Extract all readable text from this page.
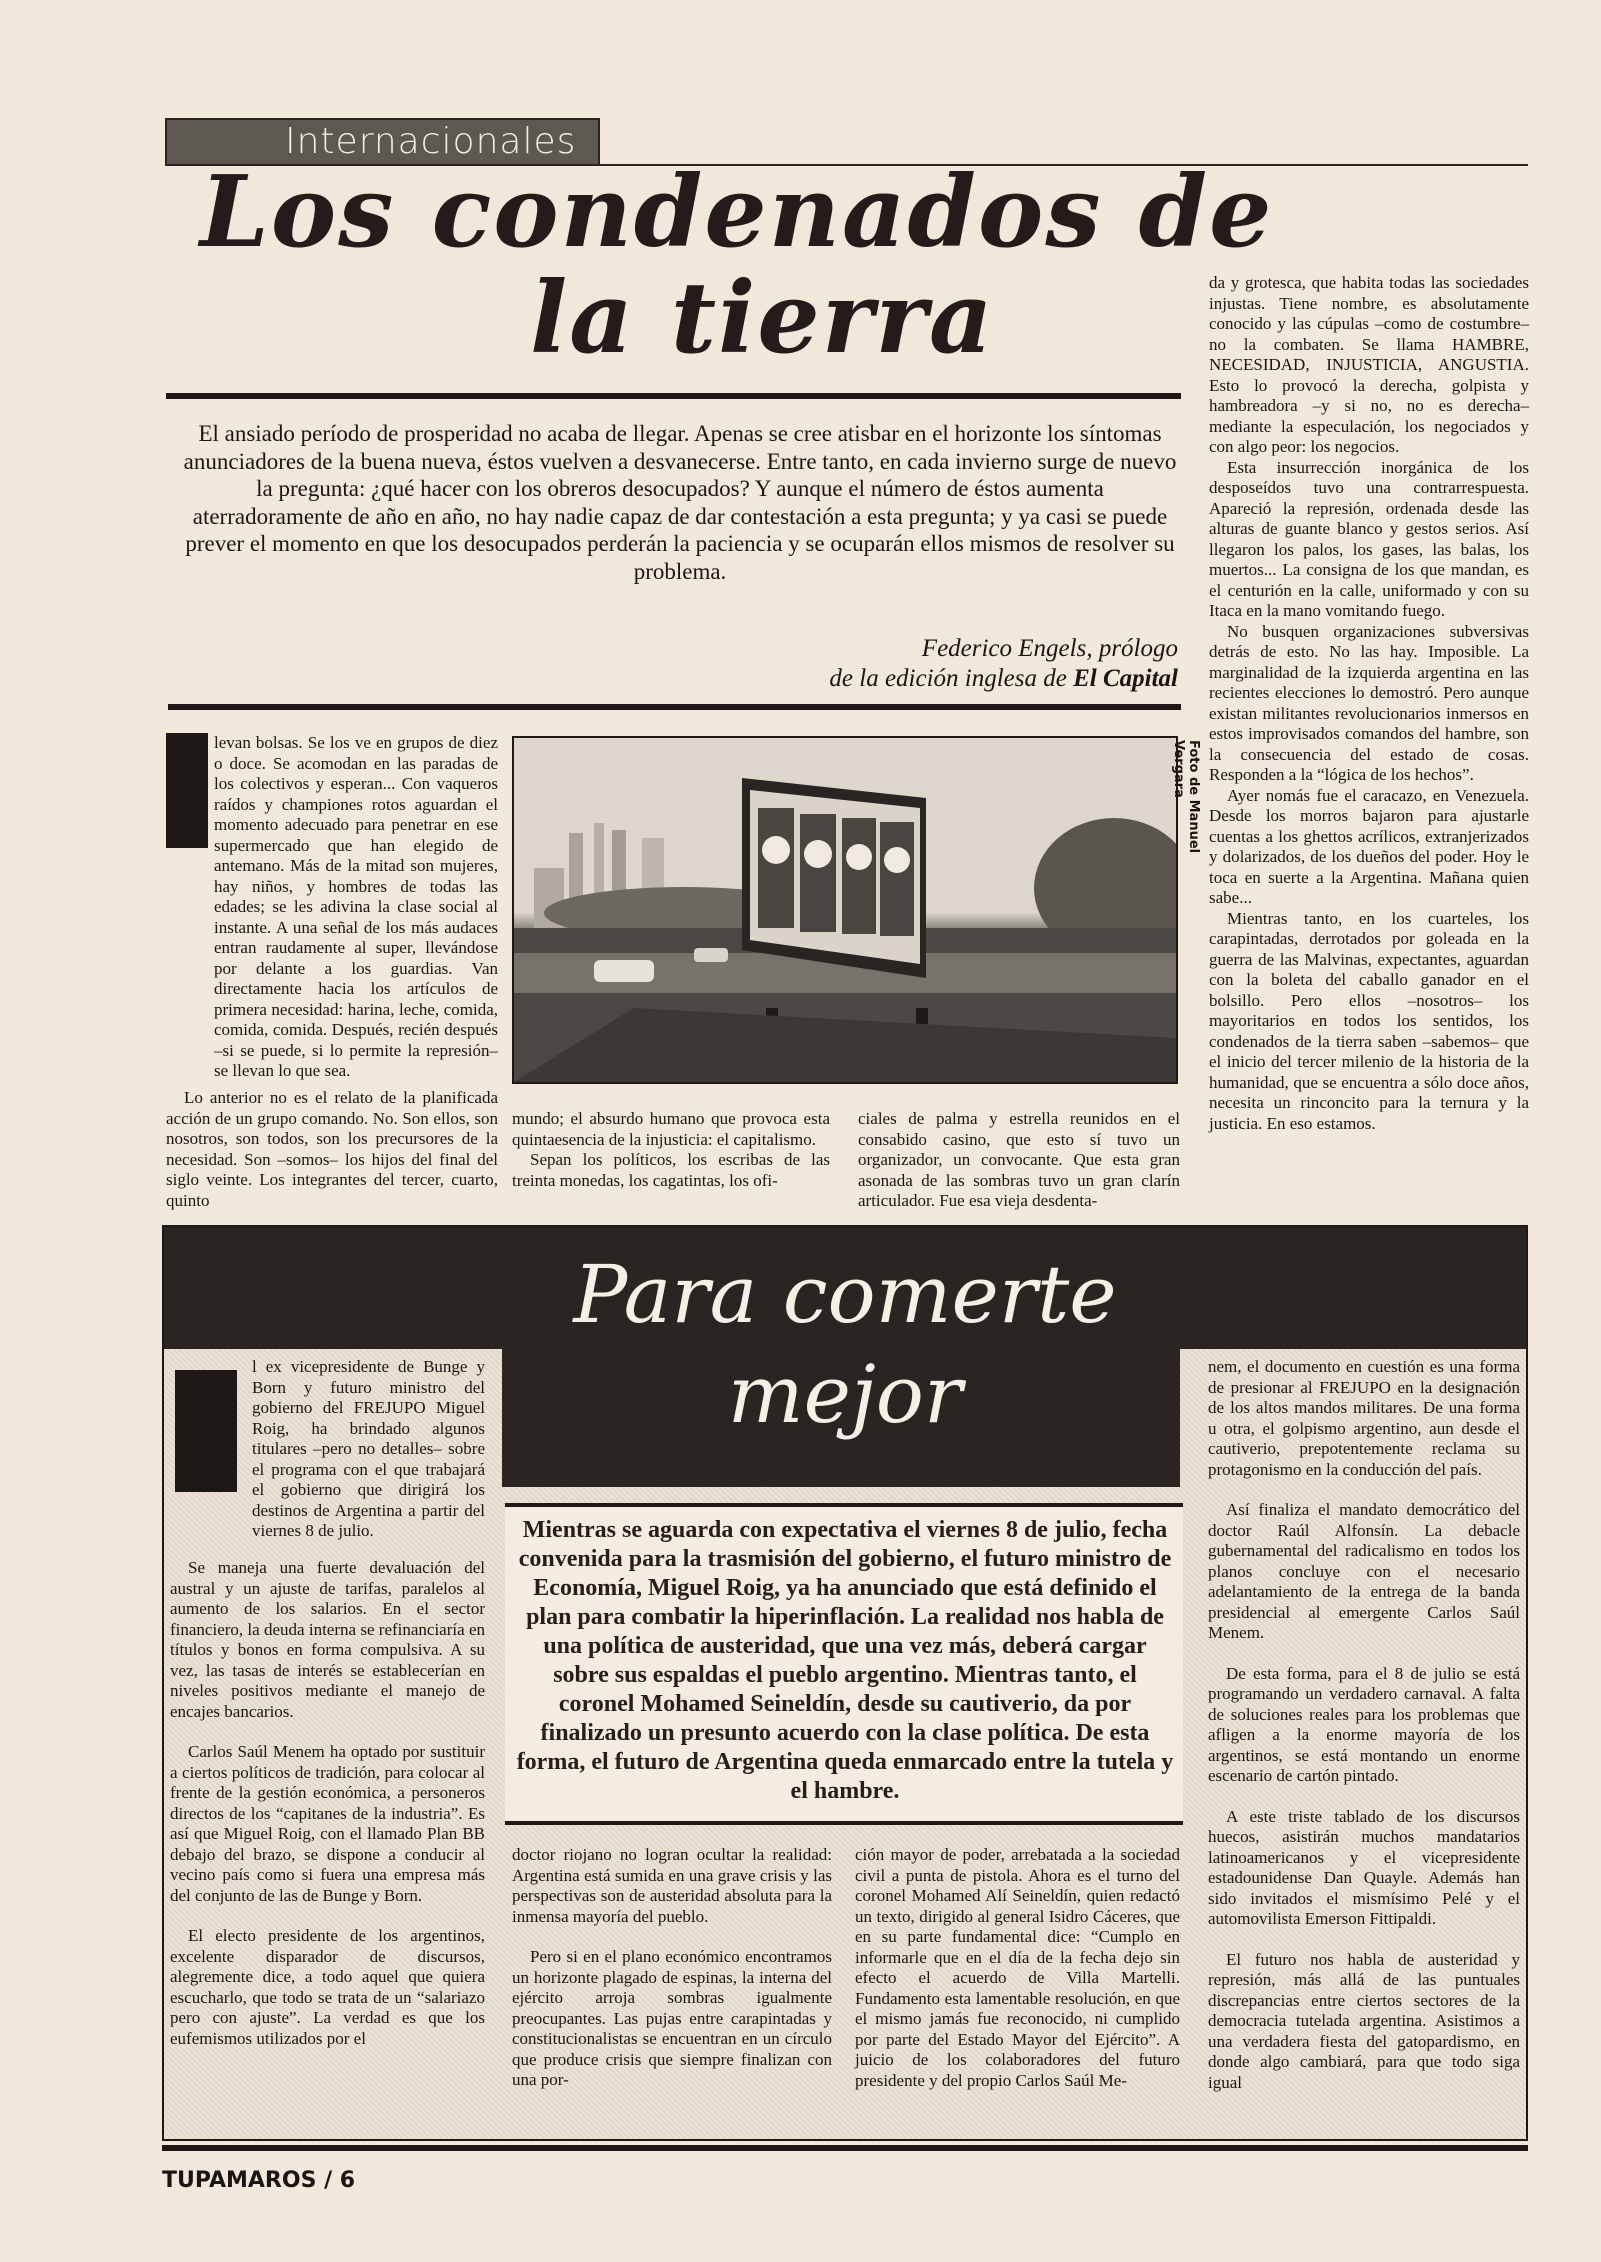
Internacionales
Los condenados de
la tierra
El ansiado período de prosperidad no acaba de llegar. Apenas se cree atisbar en el horizonte los síntomas anunciadores de la buena nueva, éstos vuelven a desvanecerse. Entre tanto, en cada invierno surge de nuevo la pregunta: ¿qué hacer con los obreros desocupados? Y aunque el número de éstos aumenta aterradoramente de año en año, no hay nadie capaz de dar contestación a esta pregunta; y ya casi se puede prever el momento en que los desocupados perderán la paciencia y se ocuparán ellos mismos de resolver su problema.
Federico Engels, prólogo
de la edición inglesa de El Capital

levan bolsas. Se los ve en grupos de diez o doce. Se acomodan en las paradas de los colectivos y esperan... Con vaqueros raídos y championes rotos aguardan el momento adecuado para penetrar en ese supermercado que han elegido de antemano. Más de la mitad son mujeres, hay niños, y hombres de todas las edades; se les adivina la clase social al instante. A una señal de los más audaces entran raudamente al super, llevándose por delante a los guardias. Van directamente hacia los artículos de primera necesidad: harina, leche, comida, comida, comida. Después, recién después –si se puede, si lo permite la represión– se llevan lo que sea.

Lo anterior no es el relato de la planificada acción de un grupo comando. No. Son ellos, son nosotros, son todos, son los precursores de la necesidad. Son –somos– los hijos del final del siglo veinte. Los integrantes del tercer, cuarto, quinto

Foto de Manuel Vergara

mundo; el absurdo humano que provoca esta quintaesencia de la injusticia: el capitalismo.

Sepan los políticos, los escribas de las treinta monedas, los cagatintas, los ofi-

ciales de palma y estrella reunidos en el consabido casino, que esto sí tuvo un organizador, un convocante. Que esta gran asonada de las sombras tuvo un gran clarín articulador. Fue esa vieja desdenta-

da y grotesca, que habita todas las sociedades injustas. Tiene nombre, es absolutamente conocido y las cúpulas –como de costumbre– no la combaten. Se llama HAMBRE, NECESIDAD, INJUSTICIA, ANGUSTIA. Esto lo provocó la derecha, golpista y hambreadora –y si no, no es derecha– mediante la especulación, los negociados y con algo peor: los negocios.

Esta insurrección inorgánica de los desposeídos tuvo una contrarrespuesta. Apareció la represión, ordenada desde las alturas de guante blanco y gestos serios. Así llegaron los palos, los gases, las balas, los muertos... La consigna de los que mandan, es el centurión en la calle, uniformado y con su Itaca en la mano vomitando fuego.

No busquen organizaciones subversivas detrás de esto. No las hay. Imposible. La marginalidad de la izquierda argentina en las recientes elecciones lo demostró. Pero aunque existan militantes revolucionarios inmersos en estos improvisados comandos del hambre, son la consecuencia del estado de cosas. Responden a la “lógica de los hechos”.

Ayer nomás fue el caracazo, en Venezuela. Desde los morros bajaron para ajustarle cuentas a los ghettos acrílicos, extranjerizados y dolarizados, de los dueños del poder. Hoy le toca en suerte a la Argentina. Mañana quien sabe...

Mientras tanto, en los cuarteles, los carapintadas, derrotados por goleada en la guerra de las Malvinas, expectantes, aguardan con la boleta del caballo ganador en el bolsillo. Pero ellos –nosotros– los mayoritarios en todos los sentidos, los condenados de la tierra saben –sabemos– que el inicio del tercer milenio de la historia de la humanidad, que se encuentra a sólo doce años, necesita un rinconcito para la ternura y la justicia. En eso estamos.

Para comerte
mejor
Mientras se aguarda con expectativa el viernes 8 de julio, fecha convenida para la trasmisión del gobierno, el futuro ministro de Economía, Miguel Roig, ya ha anunciado que está definido el plan para combatir la hiperinflación. La realidad nos habla de una política de austeridad, que una vez más, deberá cargar sobre sus espaldas el pueblo argentino. Mientras tanto, el coronel Mohamed Seineldín, desde su cautiverio, da por finalizado un presunto acuerdo con la clase política. De esta forma, el futuro de Argentina queda enmarcado entre la tutela y el hambre.

l ex vicepresidente de Bunge y Born y futuro ministro del gobierno del FREJUPO Miguel Roig, ha brindado algunos titulares –pero no detalles– sobre el programa con el que trabajará el gobierno que dirigirá los destinos de Argentina a partir del viernes 8 de julio.

Se maneja una fuerte devaluación del austral y un ajuste de tarifas, paralelos al aumento de los salarios. En el sector financiero, la deuda interna se refinanciaría en títulos y bonos en forma compulsiva. A su vez, las tasas de interés se establecerían en niveles positivos mediante el manejo de encajes bancarios.

Carlos Saúl Menem ha optado por sustituir a ciertos políticos de tradición, para colocar al frente de la gestión económica, a personeros directos de los “capitanes de la industria”. Es así que Miguel Roig, con el llamado Plan BB debajo del brazo, se dispone a conducir al vecino país como si fuera una empresa más del conjunto de las de Bunge y Born.

El electo presidente de los argentinos, excelente disparador de discursos, alegremente dice, a todo aquel que quiera escucharlo, que todo se trata de un “salariazo pero con ajuste”. La verdad es que los eufemismos utilizados por el

doctor riojano no logran ocultar la realidad: Argentina está sumida en una grave crisis y las perspectivas son de austeridad absoluta para la inmensa mayoría del pueblo.

Pero si en el plano económico encontramos un horizonte plagado de espinas, la interna del ejército arroja sombras igualmente preocupantes. Las pujas entre carapintadas y constitucionalistas se encuentran en un círculo que produce crisis que siempre finalizan con una por-

ción mayor de poder, arrebatada a la sociedad civil a punta de pistola. Ahora es el turno del coronel Mohamed Alí Seineldín, quien redactó un texto, dirigido al general Isidro Cáceres, que en su parte fundamental dice: “Cumplo en informarle que en el día de la fecha dejo sin efecto el acuerdo de Villa Martelli. Fundamento esta lamentable resolución, en que el mismo jamás fue reconocido, ni cumplido por parte del Estado Mayor del Ejército”. A juicio de los colaboradores del futuro presidente y del propio Carlos Saúl Me-

nem, el documento en cuestión es una forma de presionar al FREJUPO en la designación de los altos mandos militares. De una forma u otra, el golpismo argentino, aun desde el cautiverio, prepotentemente reclama su protagonismo en la conducción del país.

Así finaliza el mandato democrático del doctor Raúl Alfonsín. La debacle gubernamental del radicalismo en todos los planos concluye con el necesario adelantamiento de la entrega de la banda presidencial al emergente Carlos Saúl Menem.

De esta forma, para el 8 de julio se está programando un verdadero carnaval. A falta de soluciones reales para los problemas que afligen a la enorme mayoría de los argentinos, se está montando un enorme escenario de cartón pintado.

A este triste tablado de los discursos huecos, asistirán muchos mandatarios latinoamericanos y el vicepresidente estadounidense Dan Quayle. Además han sido invitados el mismísimo Pelé y el automovilista Emerson Fittipaldi.

El futuro nos habla de austeridad y represión, más allá de las puntuales discrepancias entre ciertos sectores de la democracia tutelada argentina. Asistimos a una verdadera fiesta del gatopardismo, en donde algo cambiará, para que todo siga igual

TUPAMAROS / 6
